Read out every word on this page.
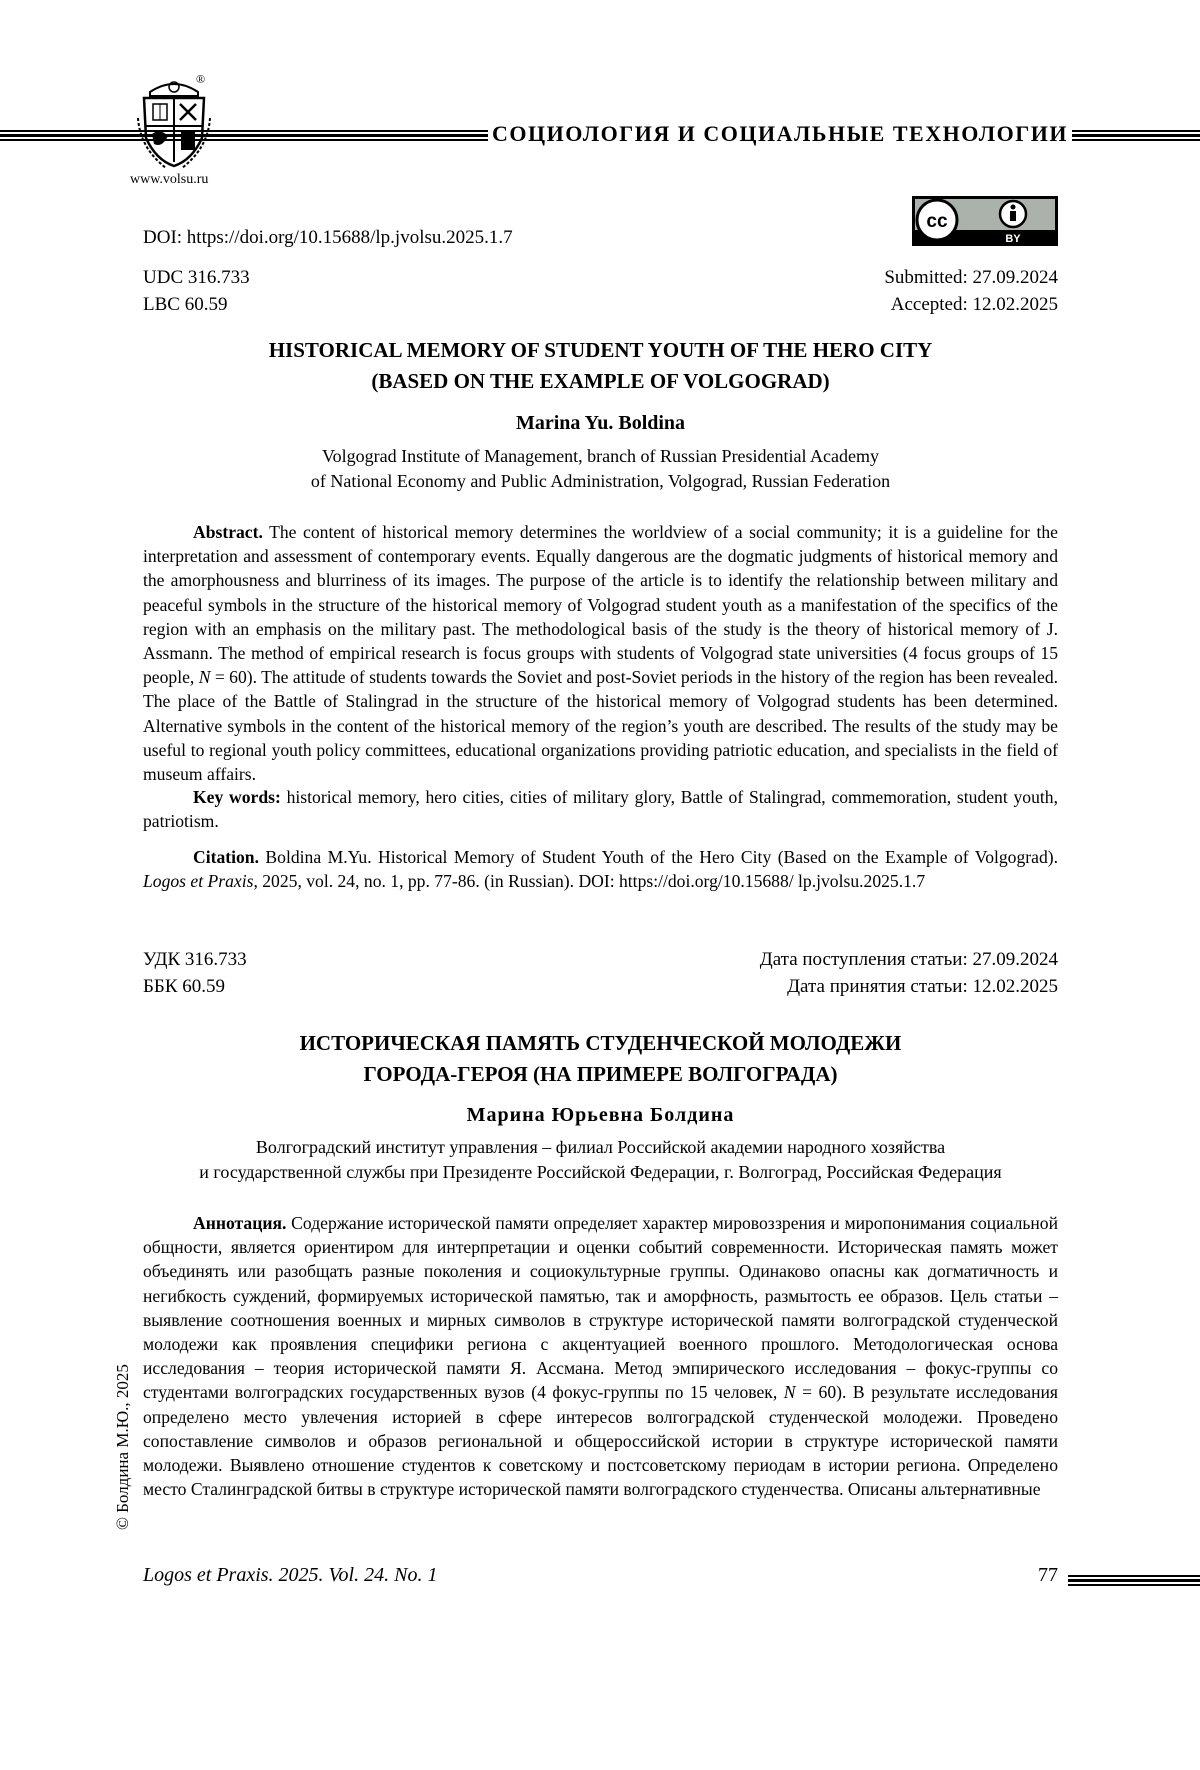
®
www.volsu.ru
СОЦИОЛОГИЯ И СОЦИАЛЬНЫЕ ТЕХНОЛОГИИ
cc
BY
DOI: https://doi.org/10.15688/lp.jvolsu.2025.1.7
UDC 316.733
LBC 60.59
Submitted: 27.09.2024
Accepted: 12.02.2025
HISTORICAL MEMORY OF STUDENT YOUTH OF THE HERO CITY
(BASED ON THE EXAMPLE OF VOLGOGRAD)
Marina Yu. Boldina
Volgograd Institute of Management, branch of Russian Presidential Academy
of National Economy and Public Administration, Volgograd, Russian Federation
Abstract. The content of historical memory determines the worldview of a social community; it is a guideline for the interpretation and assessment of contemporary events. Equally dangerous are the dogmatic judgments of historical memory and the amorphousness and blurriness of its images. The purpose of the article is to identify the relationship between military and peaceful symbols in the structure of the historical memory of Volgograd student youth as a manifestation of the specifics of the region with an emphasis on the military past. The methodological basis of the study is the theory of historical memory of J. Assmann. The method of empirical research is focus groups with students of Volgograd state universities (4 focus groups of 15 people, N = 60). The attitude of students towards the Soviet and post-Soviet periods in the history of the region has been revealed. The place of the Battle of Stalingrad in the structure of the historical memory of Volgograd students has been determined. Alternative symbols in the content of the historical memory of the region’s youth are described. The results of the study may be useful to regional youth policy committees, educational organizations providing patriotic education, and specialists in the field of museum affairs.
Key words: historical memory, hero cities, cities of military glory, Battle of Stalingrad, commemoration, student youth, patriotism.
Citation. Boldina M.Yu. Historical Memory of Student Youth of the Hero City (Based on the Example of Volgograd). Logos et Praxis, 2025, vol. 24, no. 1, pp. 77-86. (in Russian). DOI: https://doi.org/10.15688/ lp.jvolsu.2025.1.7
УДК 316.733
ББК 60.59
Дата поступления статьи: 27.09.2024
Дата принятия статьи: 12.02.2025
ИСТОРИЧЕСКАЯ ПАМЯТЬ СТУДЕНЧЕСКОЙ МОЛОДЕЖИ
ГОРОДА-ГЕРОЯ (НА ПРИМЕРЕ ВОЛГОГРАДА)
Марина Юрьевна Болдина
Волгоградский институт управления – филиал Российской академии народного хозяйства
и государственной службы при Президенте Российской Федерации, г. Волгоград, Российская Федерация
Аннотация. Содержание исторической памяти определяет характер мировоззрения и миропонимания социальной общности, является ориентиром для интерпретации и оценки событий современности. Историческая память может объединять или разобщать разные поколения и социокультурные группы. Одинаково опасны как догматичность и негибкость суждений, формируемых исторической памятью, так и аморфность, размытость ее образов. Цель статьи – выявление соотношения военных и мирных символов в структуре исторической памяти волгоградской студенческой молодежи как проявления специфики региона с акцентуацией военного прошлого. Методологическая основа исследования – теория исторической памяти Я. Ассмана. Метод эмпирического исследования – фокус-группы со студентами волгоградских государственных вузов (4 фокус-группы по 15 человек, N = 60). В результате исследования определено место увлечения историей в сфере интересов волгоградской студенческой молодежи. Проведено сопоставление символов и образов региональной и общероссийской истории в структуре исторической памяти молодежи. Выявлено отношение студентов к советскому и постсоветскому периодам в истории региона. Определено место Сталинградской битвы в структуре исторической памяти волгоградского студенчества. Описаны альтернативные
© Болдина М.Ю., 2025
Logos et Praxis. 2025. Vol. 24. No. 1	77
